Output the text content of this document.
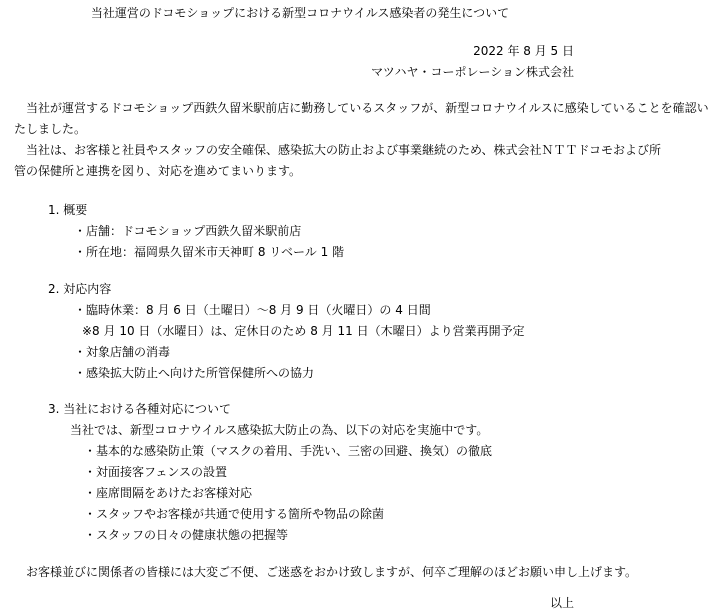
当社運営のドコモショップにおける新型コロナウイルス感染者の発生について

2022 年 8 月 5 日

マツハヤ・コーポレーション株式会社

当社が運営するドコモショップ西鉄久留米駅前店に勤務しているスタッフが、新型コロナウイルスに感染していることを確認い

たしました。

当社は、お客様と社員やスタッフの安全確保、感染拡大の防止および事業継続のため、株式会社ＮＴＴドコモおよび所

管の保健所と連携を図り、対応を進めてまいります。

1. 概要

・店舗：ドコモショップ西鉄久留米駅前店

・所在地：福岡県久留米市天神町 8 リベール 1 階

2. 対応内容

・臨時休業：8 月 6 日（土曜日）～8 月 9 日（火曜日）の 4 日間

※8 月 10 日（水曜日）は、定休日のため 8 月 11 日（木曜日）より営業再開予定

・対象店舗の消毒

・感染拡大防止へ向けた所管保健所への協力

3. 当社における各種対応について

当社では、新型コロナウイルス感染拡大防止の為、以下の対応を実施中です。

・基本的な感染防止策（マスクの着用、手洗い、三密の回避、換気）の徹底

・対面接客フェンスの設置

・座席間隔をあけたお客様対応

・スタッフやお客様が共通で使用する箇所や物品の除菌

・スタッフの日々の健康状態の把握等

お客様並びに関係者の皆様には大変ご不便、ご迷惑をおかけ致しますが、何卒ご理解のほどお願い申し上げます。

以上
